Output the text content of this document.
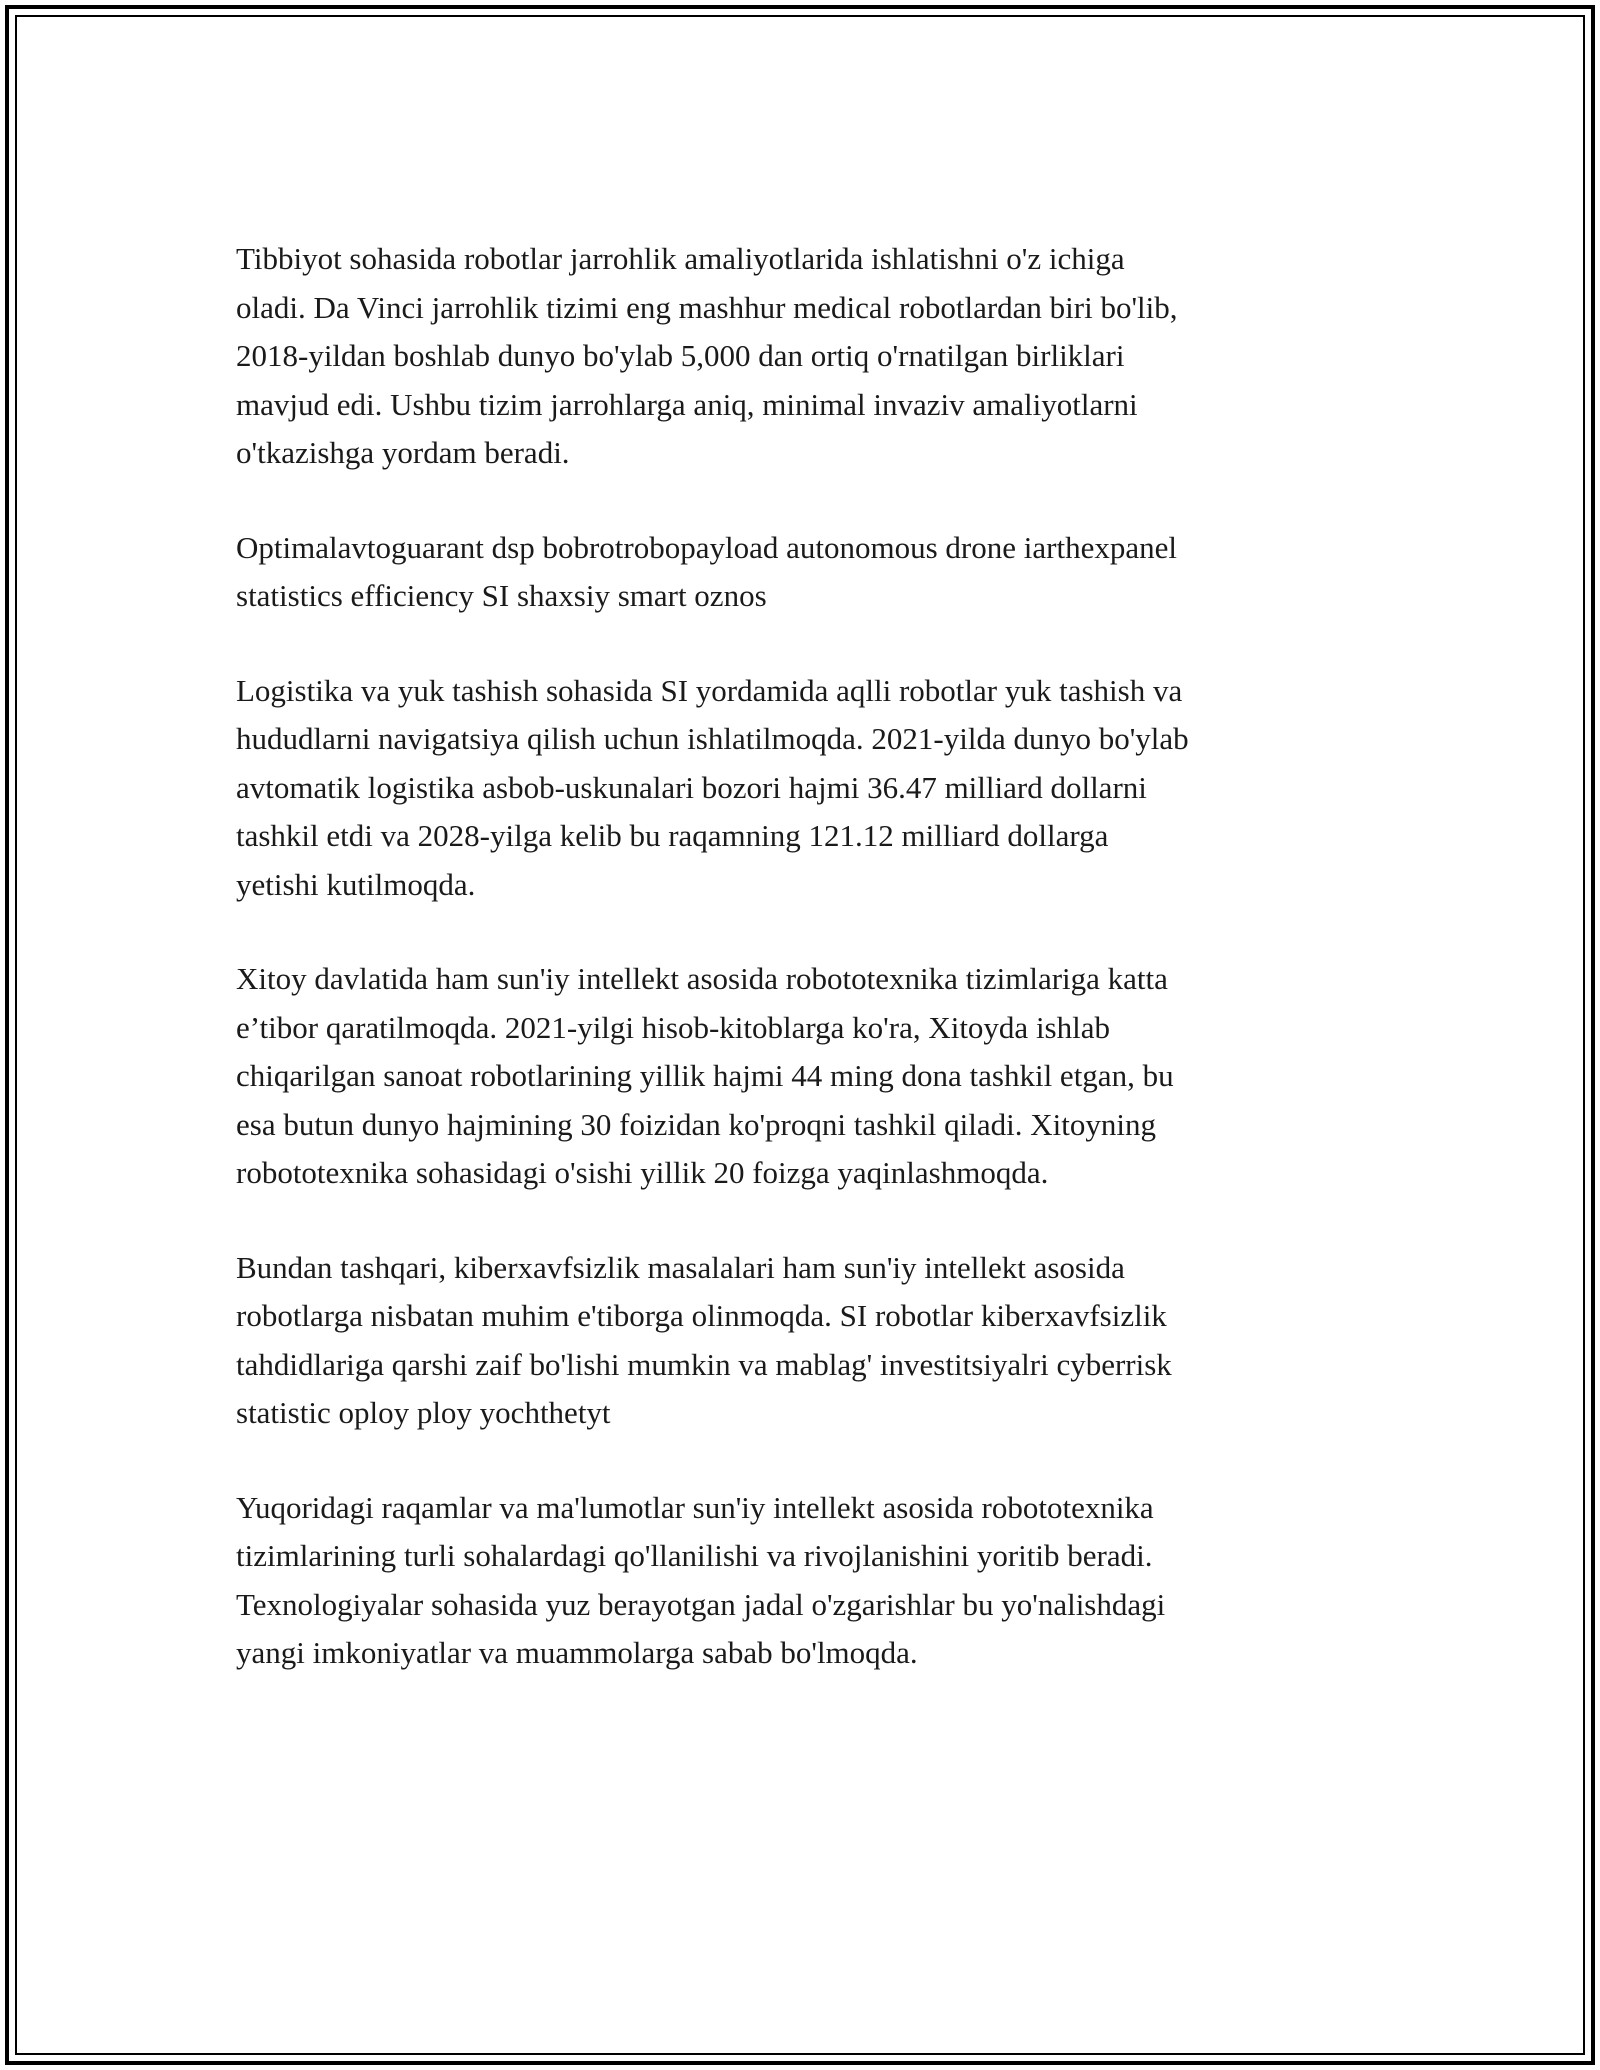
Tibbiyot sohasida robotlar jarrohlik amaliyotlarida ishlatishni o'z ichiga
oladi. Da Vinci jarrohlik tizimi eng mashhur medical robotlardan biri bo'lib,
2018-yildan boshlab dunyo bo'ylab 5,000 dan ortiq o'rnatilgan birliklari
mavjud edi. Ushbu tizim jarrohlarga aniq, minimal invaziv amaliyotlarni
o'tkazishga yordam beradi.

Optimalavtoguarant dsp bobrotrobopayload autonomous drone iarthexpanel
statistics efficiency SI shaxsiy smart oznos

Logistika va yuk tashish sohasida SI yordamida aqlli robotlar yuk tashish va
hududlarni navigatsiya qilish uchun ishlatilmoqda. 2021-yilda dunyo bo'ylab
avtomatik logistika asbob-uskunalari bozori hajmi 36.47 milliard dollarni
tashkil etdi va 2028-yilga kelib bu raqamning 121.12 milliard dollarga
yetishi kutilmoqda.

Xitoy davlatida ham sun'iy intellekt asosida robototexnika tizimlariga katta
e’tibor qaratilmoqda. 2021-yilgi hisob-kitoblarga ko'ra, Xitoyda ishlab
chiqarilgan sanoat robotlarining yillik hajmi 44 ming dona tashkil etgan, bu
esa butun dunyo hajmining 30 foizidan ko'proqni tashkil qiladi. Xitoyning
robototexnika sohasidagi o'sishi yillik 20 foizga yaqinlashmoqda.

Bundan tashqari, kiberxavfsizlik masalalari ham sun'iy intellekt asosida
robotlarga nisbatan muhim e'tiborga olinmoqda. SI robotlar kiberxavfsizlik
tahdidlariga qarshi zaif bo'lishi mumkin va mablag' investitsiyalri cyberrisk
statistic oploy ploy yochthetyt

Yuqoridagi raqamlar va ma'lumotlar sun'iy intellekt asosida robototexnika
tizimlarining turli sohalardagi qo'llanilishi va rivojlanishini yoritib beradi.
Texnologiyalar sohasida yuz berayotgan jadal o'zgarishlar bu yo'nalishdagi
yangi imkoniyatlar va muammolarga sabab bo'lmoqda.
